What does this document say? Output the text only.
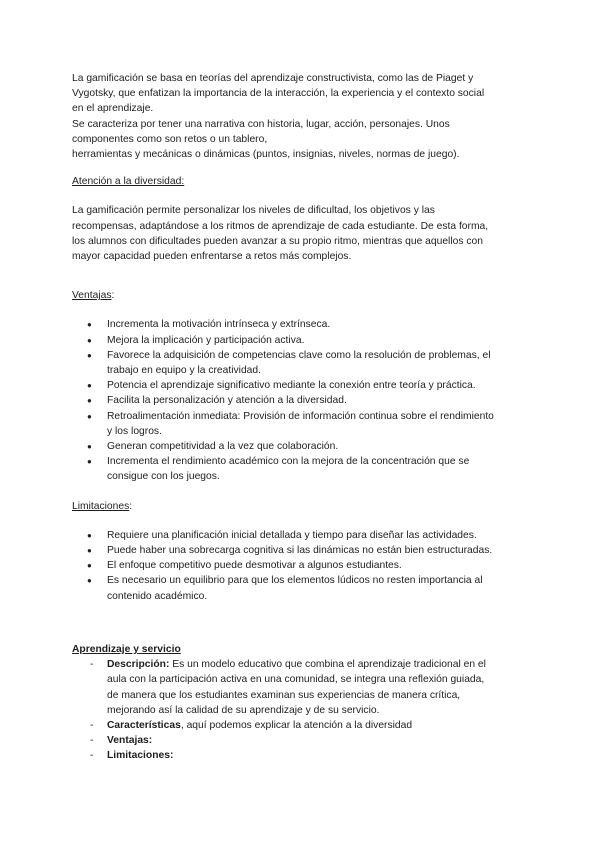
La gamificación se basa en teorías del aprendizaje constructivista, como las de Piaget y

Vygotsky, que enfatizan la importancia de la interacción, la experiencia y el contexto social

en el aprendizaje.

Se caracteriza por tener una narrativa con historia, lugar, acción, personajes. Unos

componentes como son retos o un tablero,

herramientas y mecánicas o dinámicas (puntos, insignias, niveles, normas de juego).

Atención a la diversidad:

La gamificación permite personalizar los niveles de dificultad, los objetivos y las

recompensas, adaptándose a los ritmos de aprendizaje de cada estudiante. De esta forma,

los alumnos con dificultades pueden avanzar a su propio ritmo, mientras que aquellos con

mayor capacidad pueden enfrentarse a retos más complejos.

Ventajas:

● Incrementa la motivación intrínseca y extrínseca.
● Mejora la implicación y participación activa.
● Favorece la adquisición de competencias clave como la resolución de problemas, el
trabajo en equipo y la creatividad.
● Potencia el aprendizaje significativo mediante la conexión entre teoría y práctica.
● Facilita la personalización y atención a la diversidad.
● Retroalimentación inmediata: Provisión de información continua sobre el rendimiento
y los logros.
● Generan competitividad a la vez que colaboración.
● Incrementa el rendimiento académico con la mejora de la concentración que se
consigue con los juegos.

Limitaciones:

● Requiere una planificación inicial detallada y tiempo para diseñar las actividades.
● Puede haber una sobrecarga cognitiva si las dinámicas no están bien estructuradas.
● El enfoque competitivo puede desmotivar a algunos estudiantes.
● Es necesario un equilibrio para que los elementos lúdicos no resten importancia al
contenido académico.

Aprendizaje y servicio

- Descripción: Es un modelo educativo que combina el aprendizaje tradicional en el
aula con la participación activa en una comunidad, se integra una reflexión guiada,
de manera que los estudiantes examinan sus experiencias de manera crítica,
mejorando así la calidad de su aprendizaje y de su servicio.
- Características, aquí podemos explicar la atención a la diversidad
- Ventajas:
- Limitaciones:
